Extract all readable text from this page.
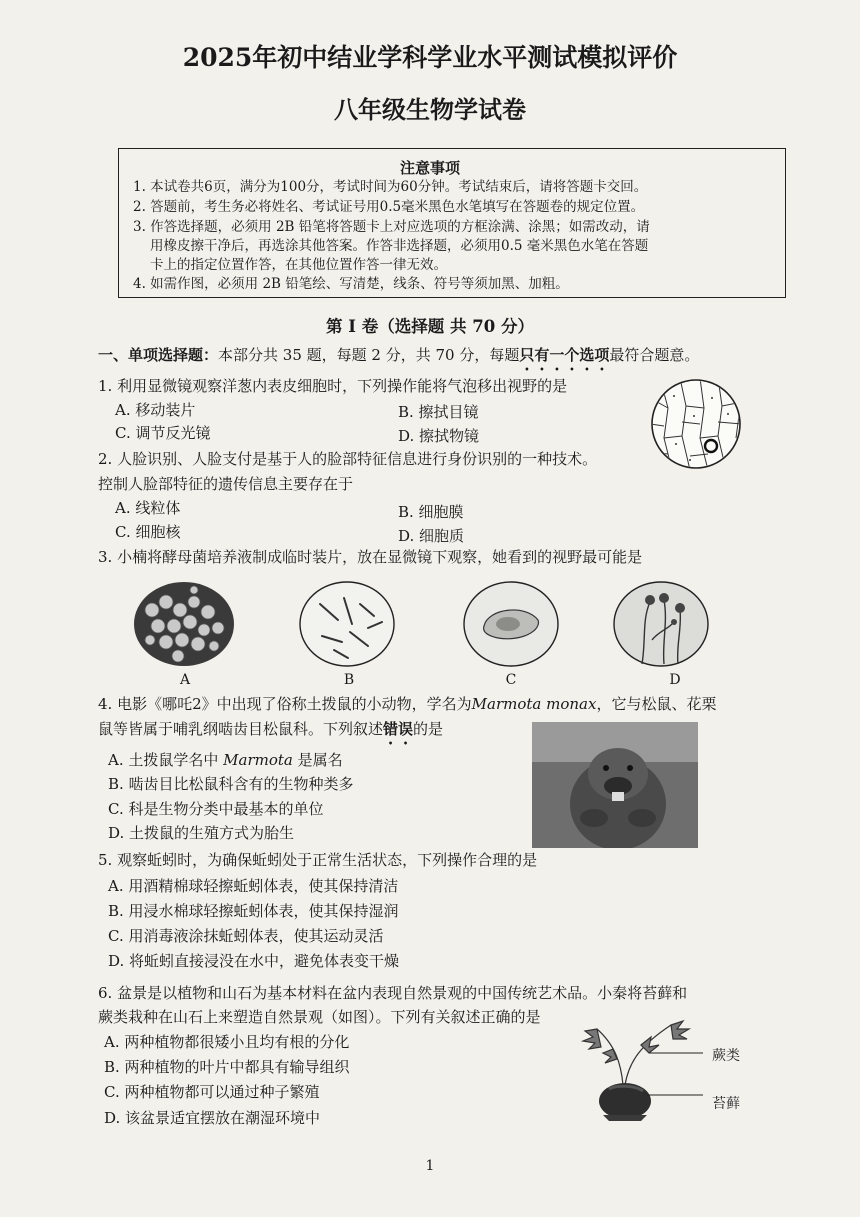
2025年初中结业学科学业水平测试模拟评价
八年级生物学试卷
注意事项
1. 本试卷共6页，满分为100分，考试时间为60分钟。考试结束后，请将答题卡交回。
2. 答题前，考生务必将姓名、考试证号用0.5毫米黑色水笔填写在答题卷的规定位置。
3. 作答选择题，必须用 2B 铅笔将答题卡上对应选项的方框涂满、涂黑；如需改动，请
用橡皮擦干净后，再选涂其他答案。作答非选择题，必须用0.5 毫米黑色水笔在答题
卡上的指定位置作答，在其他位置作答一律无效。
4. 如需作图，必须用 2B 铅笔绘、写清楚，线条、符号等须加黑、加粗。
第 Ⅰ 卷（选择题 共 70 分）
一、单项选择题：本部分共 35 题，每题 2 分，共 70 分，每题只有一个选项最符合题意。
1. 利用显微镜观察洋葱内表皮细胞时，下列操作能将气泡移出视野的是
A. 移动装片	B. 擦拭目镜
C. 调节反光镜	D. 擦拭物镜
2. 人脸识别、人脸支付是基于人的脸部特征信息进行身份识别的一种技术。
控制人脸部特征的遗传信息主要存在于
A. 线粒体	B. 细胞膜
C. 细胞核	D. 细胞质
3. 小楠将酵母菌培养液制成临时装片，放在显微镜下观察，她看到的视野最可能是
A	B	C	D
4. 电影《哪吒2》中出现了俗称土拨鼠的小动物，学名为Marmota monax，它与松鼠、花栗
鼠等皆属于哺乳纲啮齿目松鼠科。下列叙述错误的是
A. 土拨鼠学名中 Marmota 是属名
B. 啮齿目比松鼠科含有的生物种类多
C. 科是生物分类中最基本的单位
D. 土拨鼠的生殖方式为胎生
5. 观察蚯蚓时，为确保蚯蚓处于正常生活状态，下列操作合理的是
A. 用酒精棉球轻擦蚯蚓体表，使其保持清洁
B. 用浸水棉球轻擦蚯蚓体表，使其保持湿润
C. 用消毒液涂抹蚯蚓体表，使其运动灵活
D. 将蚯蚓直接浸没在水中，避免体表变干燥
6. 盆景是以植物和山石为基本材料在盆内表现自然景观的中国传统艺术品。小秦将苔藓和
蕨类栽种在山石上来塑造自然景观（如图）。下列有关叙述正确的是
A. 两种植物都很矮小且均有根的分化
B. 两种植物的叶片中都具有输导组织
C. 两种植物都可以通过种子繁殖
D. 该盆景适宜摆放在潮湿环境中
蕨类
苔藓
1
